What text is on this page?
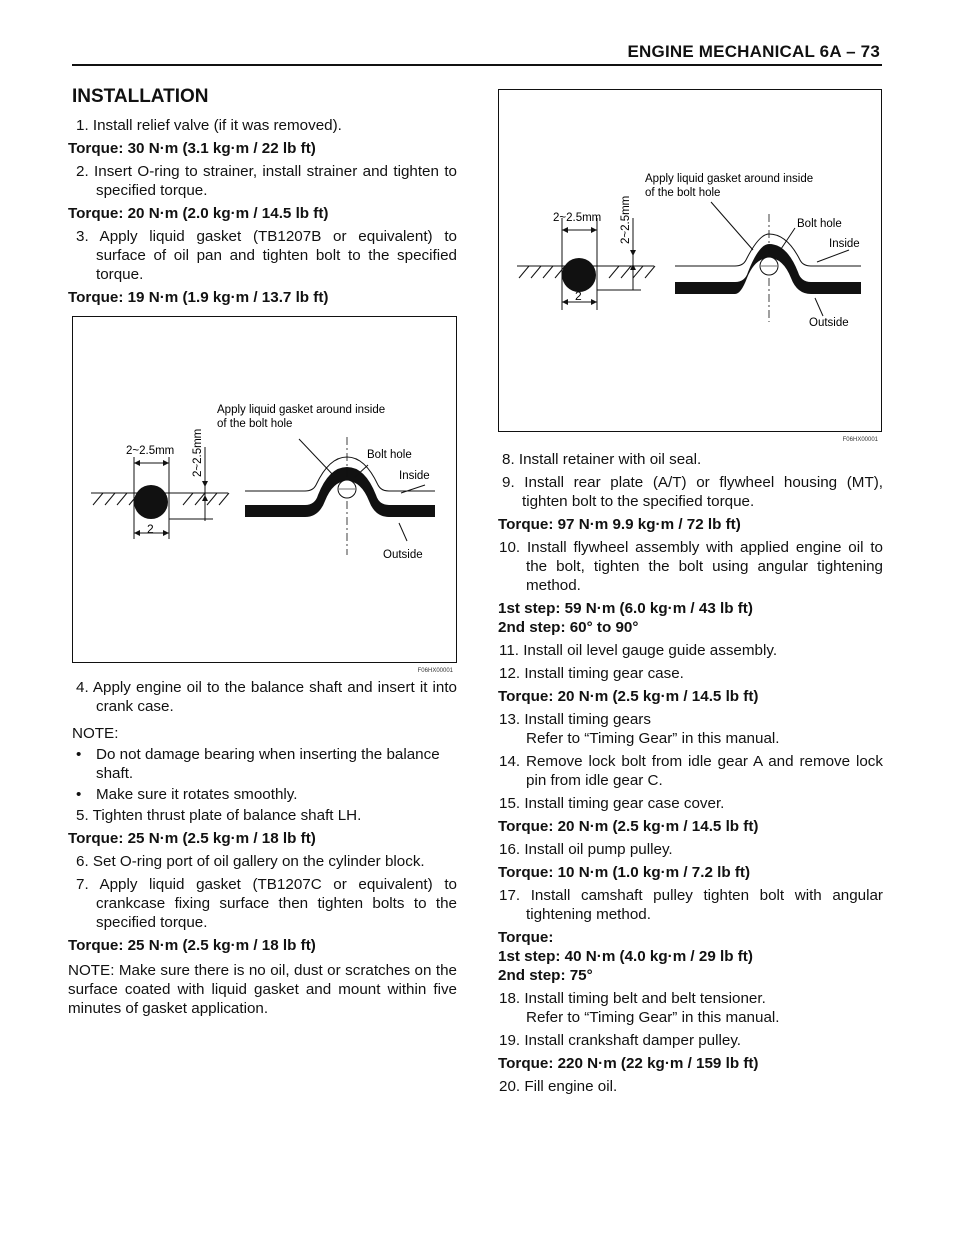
ENGINE MECHANICAL 6A – 73
INSTALLATION
1. Install relief valve (if it was removed).
Torque: 30 N·m (3.1 kg·m / 22 lb ft)
2. Insert O-ring to strainer, install strainer and tighten to specified torque.
Torque: 20 N·m (2.0 kg·m / 14.5 lb ft)
3. Apply liquid gasket (TB1207B or equivalent) to surface of oil pan and tighten bolt to the specified torque.
Torque: 19 N·m (1.9 kg·m / 13.7 lb ft)
Apply liquid gasket around inside
of the bolt hole
2~2.5mm 2~2.5mm
2
Bolt hole
Inside
Outside
F06HX00001
4. Apply engine oil to the balance shaft and insert it into crank case.
NOTE:
• Do not damage bearing when inserting the balance shaft.
• Make sure it rotates smoothly.
5. Tighten thrust plate of balance shaft LH.
Torque: 25 N·m (2.5 kg·m / 18 lb ft)
6. Set O-ring port of oil gallery on the cylinder block.
7. Apply liquid gasket (TB1207C or equivalent) to crankcase fixing surface then tighten bolts to the specified torque.
Torque: 25 N·m (2.5 kg·m / 18 lb ft)
NOTE: Make sure there is no oil, dust or scratches on the surface coated with liquid gasket and mount within five minutes of gasket application.
Apply liquid gasket around inside
of the bolt hole
2~2.5mm 2~2.5mm
2
Bolt hole
Inside
Outside
F06HX00001
8. Install retainer with oil seal.
9. Install rear plate (A/T) or flywheel housing (MT), tighten bolt to the specified torque.
Torque: 97 N·m 9.9 kg·m / 72 lb ft)
10. Install flywheel assembly with applied engine oil to the bolt, tighten the bolt using angular tightening method.
1st step: 59 N·m (6.0 kg·m / 43 lb ft)
2nd step: 60° to 90°
11. Install oil level gauge guide assembly.
12. Install timing gear case.
Torque: 20 N·m (2.5 kg·m / 14.5 lb ft)
13. Install timing gears
Refer to “Timing Gear” in this manual.
14. Remove lock bolt from idle gear A and remove lock pin from idle gear C.
15. Install timing gear case cover.
Torque: 20 N·m (2.5 kg·m / 14.5 lb ft)
16. Install oil pump pulley.
Torque: 10 N·m (1.0 kg·m / 7.2 lb ft)
17. Install camshaft pulley tighten bolt with angular tightening method.
Torque:
1st step: 40 N·m (4.0 kg·m / 29 lb ft)
2nd step: 75°
18. Install timing belt and belt tensioner.
Refer to “Timing Gear” in this manual.
19. Install crankshaft damper pulley.
Torque: 220 N·m (22 kg·m / 159 lb ft)
20. Fill engine oil.
